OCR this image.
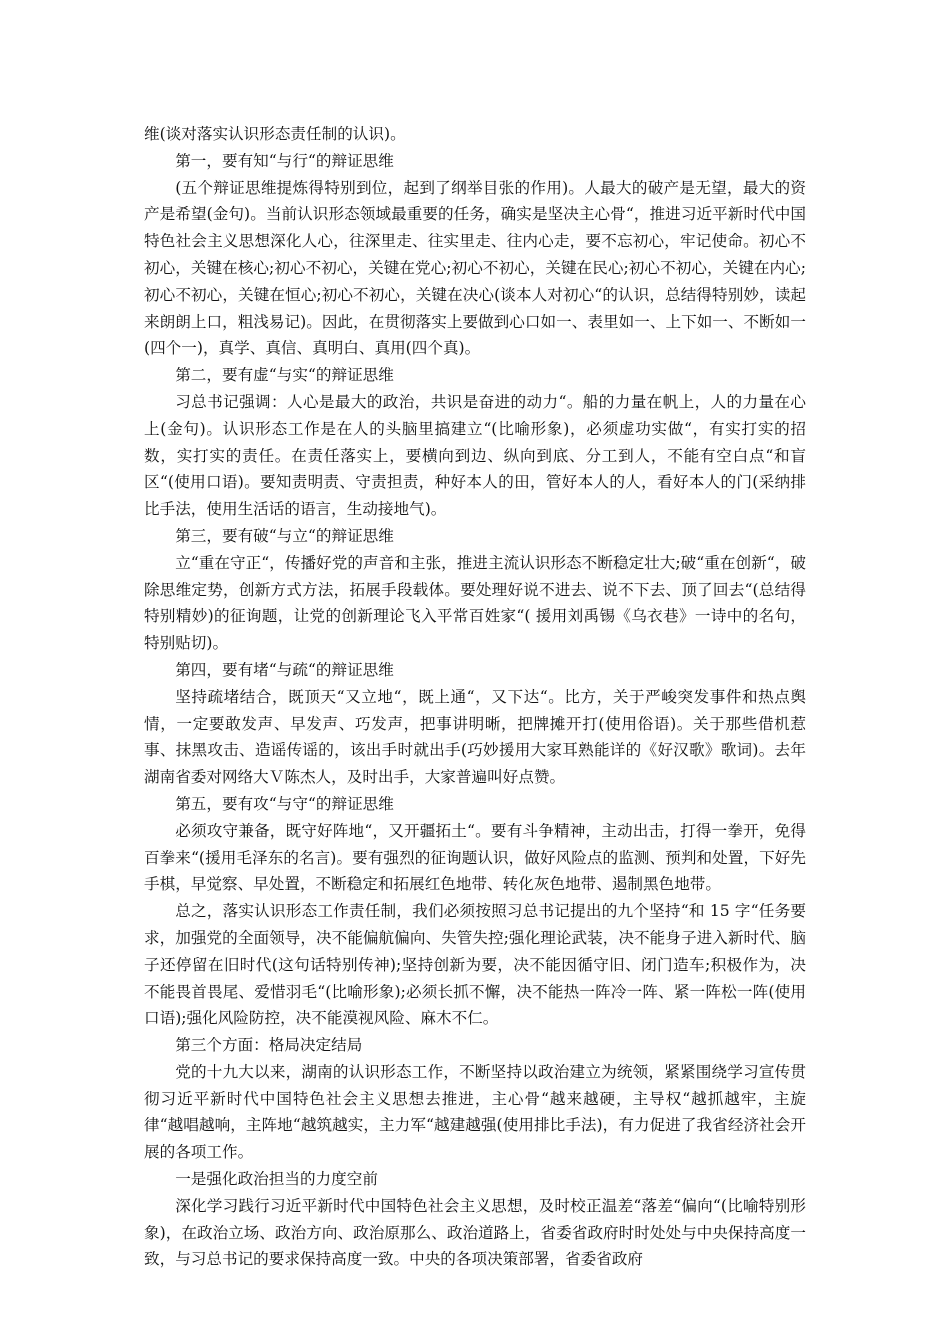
维(谈对落实认识形态责任制的认识)。

第一，要有知“与行“的辩证思维

(五个辩证思维提炼得特别到位，起到了纲举目张的作用)。人最大的破产是无望，最大的资产是希望(金句)。当前认识形态领域最重要的任务，确实是坚决主心骨“，推进习近平新时代中国特色社会主义思想深化人心，往深里走、往实里走、往内心走，要不忘初心，牢记使命。初心不初心，关键在核心;初心不初心，关键在党心;初心不初心，关键在民心;初心不初心，关键在内心;初心不初心，关键在恒心;初心不初心，关键在决心(谈本人对初心“的认识，总结得特别妙，读起来朗朗上口，粗浅易记)。因此，在贯彻落实上要做到心口如一、表里如一、上下如一、不断如一(四个一)，真学、真信、真明白、真用(四个真)。

第二，要有虚“与实“的辩证思维

习总书记强调：人心是最大的政治，共识是奋进的动力“。船的力量在帆上，人的力量在心上(金句)。认识形态工作是在人的头脑里搞建立“(比喻形象)，必须虚功实做“，有实打实的招数，实打实的责任。在责任落实上，要横向到边、纵向到底、分工到人，不能有空白点“和盲区“(使用口语)。要知责明责、守责担责，种好本人的田，管好本人的人，看好本人的门(采纳排比手法，使用生活话的语言，生动接地气)。

第三，要有破“与立“的辩证思维

立“重在守正“，传播好党的声音和主张，推进主流认识形态不断稳定壮大;破“重在创新“，破除思维定势，创新方式方法，拓展手段载体。要处理好说不进去、说不下去、顶了回去“(总结得特别精妙)的征询题，让党的创新理论飞入平常百姓家“( 援用刘禹锡《乌衣巷》一诗中的名句，特别贴切)。

第四，要有堵“与疏“的辩证思维

坚持疏堵结合，既顶天“又立地“，既上通“，又下达“。比方，关于严峻突发事件和热点舆情，一定要敢发声、早发声、巧发声，把事讲明晰，把牌摊开打(使用俗语)。关于那些借机惹事、抹黑攻击、造谣传谣的，该出手时就出手(巧妙援用大家耳熟能详的《好汉歌》歌词)。去年湖南省委对网络大Ｖ陈杰人，及时出手，大家普遍叫好点赞。

第五，要有攻“与守“的辩证思维

必须攻守兼备，既守好阵地“，又开疆拓土“。要有斗争精神，主动出击，打得一拳开，免得百拳来“(援用毛泽东的名言)。要有强烈的征询题认识，做好风险点的监测、预判和处置，下好先手棋，早觉察、早处置，不断稳定和拓展红色地带、转化灰色地带、遏制黑色地带。

总之，落实认识形态工作责任制，我们必须按照习总书记提出的九个坚持“和 15 字“任务要求，加强党的全面领导，决不能偏航偏向、失管失控;强化理论武装，决不能身子进入新时代、脑子还停留在旧时代(这句话特别传神);坚持创新为要，决不能因循守旧、闭门造车;积极作为，决不能畏首畏尾、爱惜羽毛“(比喻形象);必须长抓不懈，决不能热一阵冷一阵、紧一阵松一阵(使用口语);强化风险防控，决不能漠视风险、麻木不仁。

第三个方面：格局决定结局

党的十九大以来，湖南的认识形态工作，不断坚持以政治建立为统领，紧紧围绕学习宣传贯彻习近平新时代中国特色社会主义思想去推进，主心骨“越来越硬，主导权“越抓越牢，主旋律“越唱越响，主阵地“越筑越实，主力军“越建越强(使用排比手法)，有力促进了我省经济社会开展的各项工作。

一是强化政治担当的力度空前

深化学习践行习近平新时代中国特色社会主义思想，及时校正温差“落差“偏向“(比喻特别形象)，在政治立场、政治方向、政治原那么、政治道路上，省委省政府时时处处与中央保持高度一致，与习总书记的要求保持高度一致。中央的各项决策部署，省委省政府
